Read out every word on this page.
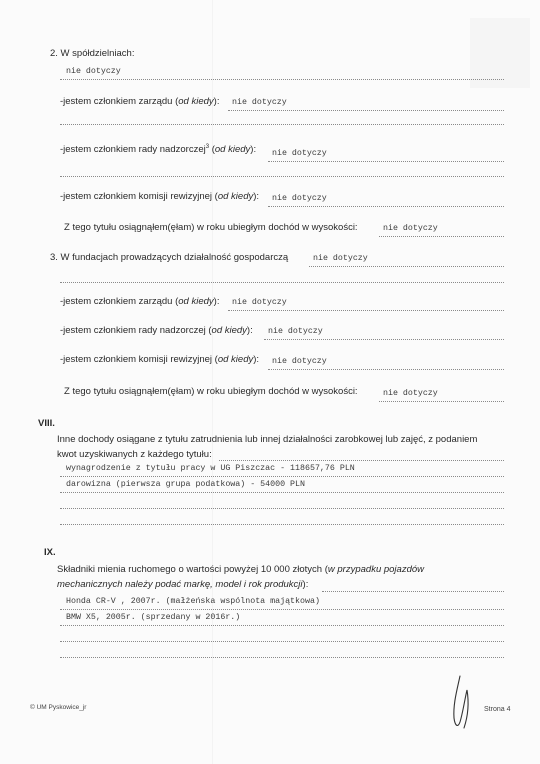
2. W spółdzielniach:
nie dotyczy
-jestem członkiem zarządu (od kiedy): nie dotyczy
-jestem członkiem rady nadzorczej$^3$ (od kiedy): nie dotyczy
-jestem członkiem komisji rewizyjnej (od kiedy): nie dotyczy
Z tego tytułu osiągnąłem(ęłam) w roku ubiegłym dochód w wysokości:	nie dotyczy
3. W fundacjach prowadzących działalność gospodarczą	nie dotyczy
-jestem członkiem zarządu (od kiedy): nie dotyczy
-jestem członkiem rady nadzorczej (od kiedy): nie dotyczy
-jestem członkiem komisji rewizyjnej (od kiedy): nie dotyczy
Z tego tytułu osiągnąłem(ęłam) w roku ubiegłym dochód w wysokości:	nie dotyczy
VIII.
Inne dochody osiągane z tytułu zatrudnienia lub innej działalności zarobkowej lub zajęć, z podaniem
kwot uzyskiwanych z każdego tytułu:
wynagrodzenie z tytułu pracy w UG Piszczac - 118657,76 PLN
darowizna (pierwsza grupa podatkowa) - 54000 PLN
IX.
Składniki mienia ruchomego o wartości powyżej 10 000 złotych (w przypadku pojazdów
mechanicznych należy podać markę, model i rok produkcji):
Honda CR-V , 2007r. (małżeńska wspólnota majątkowa)
BMW X5, 2005r. (sprzedany w 2016r.)
© UM Pyskowice_jr	Strona 4
